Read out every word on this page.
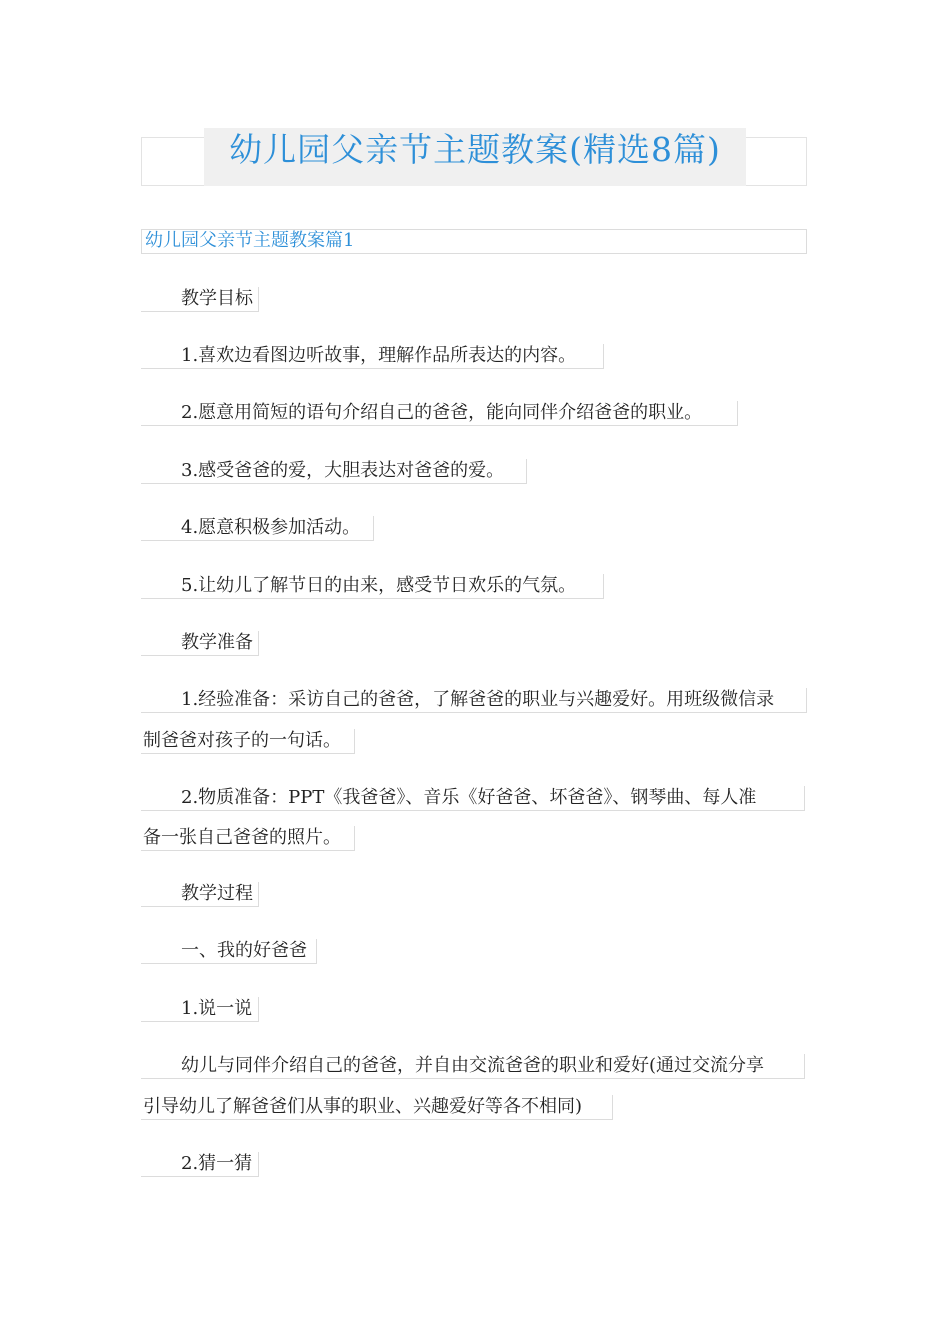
幼儿园父亲节主题教案(精选8篇)
幼儿园父亲节主题教案篇1

教学目标

1.喜欢边看图边听故事，理解作品所表达的内容。

2.愿意用简短的语句介绍自己的爸爸，能向同伴介绍爸爸的职业。

3.感受爸爸的爱，大胆表达对爸爸的爱。

4.愿意积极参加活动。

5.让幼儿了解节日的由来，感受节日欢乐的气氛。

教学准备

1.经验准备：采访自己的爸爸，了解爸爸的职业与兴趣爱好。用班级微信录

制爸爸对孩子的一句话。

2.物质准备：PPT《我爸爸》、音乐《好爸爸、坏爸爸》、钢琴曲、每人准

备一张自己爸爸的照片。

教学过程

一、我的好爸爸

1.说一说

幼儿与同伴介绍自己的爸爸，并自由交流爸爸的职业和爱好(通过交流分享

引导幼儿了解爸爸们从事的职业、兴趣爱好等各不相同)

2.猜一猜
